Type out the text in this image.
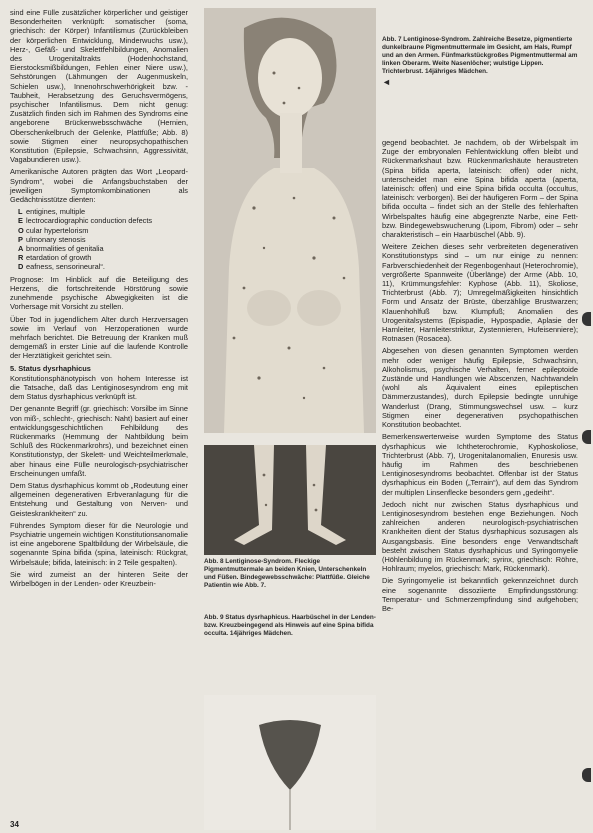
sind eine Fülle zusätzlicher körperlicher und geistiger Besonderheiten verknüpft: somatischer (soma, griechisch: der Körper) Infantilismus (Zurückbleiben der körperlichen Entwicklung, Minderwuchs usw.), Herz-, Gefäß- und Skelettfehlbildungen, Anomalien des Urogenitaltrakts (Hodenhochstand, Eierstocksmißbildungen, Fehlen einer Niere usw.), Sehstörungen (Lähmungen der Augenmuskeln, Schielen usw.), Innenohrschwerhörigkeit bzw. -Taubheit, Herabsetzung des Geruchsvermögens, psychischer Infantilismus. Dem nicht genug: Zusätzlich finden sich im Rahmen des Syndroms eine angeborene Brückenwebsschwäche (Hernien, Oberschenkelbruch der Gelenke, Plattfüße; Abb. 8) sowie Stigmen einer neuropsychopathischen Konstitution (Epilepsie, Schwachsinn, Aggressivität, Vagabundieren usw.).

Amerikanische Autoren prägten das Wort „Leopard-Syndrom“, wobei die Anfangsbuchstaben der jeweiligen Symptomkombinationen als Gedächtnisstütze dienten:

L entigines, multiple
E lectrocardiographic conduction defects
O cular hypertelorism
P ulmonary stenosis
A bnormalities of genitalia
R etardation of growth
D eafness, sensorineural“.

Prognose: Im Hinblick auf die Beteiligung des Herzens, die fortschreitende Hörstörung sowie zunehmende psychische Abwegigkeiten ist die Vorhersage mit Vorsicht zu stellen.

Über Tod in jugendlichem Alter durch Herzversagen sowie im Verlauf von Herzoperationen wurde mehrfach berichtet. Die Betreuung der Kranken muß demgemäß in erster Linie auf die laufende Kontrolle der Herztätigkeit gerichtet sein.

5. Status dysrhaphicus

Konstitutionsphänotypisch von hohem Interesse ist die Tatsache, daß das Lentiginosesyndrom eng mit dem Status dysrhaphicus verknüpft ist.

Der genannte Begriff (gr. griechisch: Vorsilbe im Sinne von miß-, schlecht-, griechisch: Naht) basiert auf einer entwicklungsgeschichtlichen Fehlbildung des Rückenmarks (Hemmung der Nahtbildung beim Schluß des Rückenmarkrohrs), und bezeichnet einen Konstitutionstyp, der Skelett- und Weichteilmerkmale, aber hinaus eine Fülle neurologisch-psychiatrischer Erscheinungen umfaßt.

Dem Status dysrhaphicus kommt ob „Rodeutung einer allgemeinen degenerativen Erbveranlagung für die Entstehung und Gestaltung von Nerven- und Geisteskrankheiten“ zu.

Führendes Symptom dieser für die Neurologie und Psychiatrie ungemein wichtigen Konstitutionsanomalie ist eine angeborene Spaltbildung der Wirbelsäule, die sogenannte Spina bifida (spina, lateinisch: Rückgrat, Wirbelsäule; bifida, lateinisch: in 2 Teile gespalten).

Sie wird zumeist an der hinteren Seite der Wirbelbögen in der Lenden- oder Kreuzbein-

Abb. 7 Lentiginose-Syndrom. Zahlreiche Besetze, pigmentierte dunkelbraune Pigmentmuttermale im Gesicht, am Hals, Rumpf und an den Armen. Fünfmarkstückgroßes Pigmentmuttermal am linken Oberarm. Weite Nasenlöcher; wulstige Lippen. Trichterbrust. 14jähriges Mädchen.
◄
Abb. 8 Lentiginose-Syndrom. Fleckige Pigmentmuttermale an beiden Knien, Unterschenkeln und Füßen. Bindegewebsschwäche: Plattfüße. Gleiche Patientin wie Abb. 7.
Abb. 9 Status dysrhaphicus. Haarbüschel in der Lenden- bzw. Kreuzbeingegend als Hinweis auf eine Spina bifida occulta. 14jähriges Mädchen.

gegend beobachtet. Je nachdem, ob der Wirbelspalt im Zuge der embryonalen Fehlentwicklung offen bleibt und Rückenmarkshaut bzw. Rückenmarkshäute heraustreten (Spina bifida aperta, lateinisch: offen) oder nicht, unterscheidet man eine Spina bifida aperta (aperta, lateinisch: offen) und eine Spina bifida occulta (occultus, lateinisch: verborgen). Bei der häufigeren Form – der Spina bifida occulta – findet sich an der Stelle des fehlerhaften Wirbelspaltes häufig eine abgegrenzte Narbe, eine Fett- bzw. Bindegewebswucherung (Lipom, Fibrom) oder – sehr charakteristisch – ein Haarbüschel (Abb. 9).

Weitere Zeichen dieses sehr verbreiteten degenerativen Konstitutionstyps sind – um nur einige zu nennen: Farbverschiedenheit der Regenbogenhaut (Heterochromie), vergrößerte Spannweite (Überlänge) der Arme (Abb. 10, 11), Krümmungsfehler: Kyphose (Abb. 11), Skoliose, Trichterbrust (Abb. 7); Umregelmäßigkeiten hinsichtlich Form und Ansatz der Brüste, überzählige Brustwarzen; Klauenhohlfuß bzw. Klumpfuß; Anomalien des Urogenitalsystems (Epispadie, Hypospadie, Aplasie der Harnleiter, Harnleiterstriktur, Zystennieren, Hufeisenniere); Rotnasen (Rosacea).

Abgesehen von diesen genannten Symptomen werden mehr oder weniger häufig Epilepsie, Schwachsinn, Alkoholismus, psychische Verhalten, ferner epileptoide Zustände und Handlungen wie Abscenzen, Nachtwandeln (wohl als Äquivalent eines epileptischen Dämmerzustandes), durch Epilepsie bedingte unruhige Wanderlust (Drang, Stimmungswechsel usw. – kurz Stigmen einer degenerativen psychopathischen Konstitution beobachtet.

Bemerkenswerterweise wurden Symptome des Status dysrhaphicus wie Ichtheterochromie, Kyphoskoliose, Trichterbrust (Abb. 7), Urogenitalanomalien, Enuresis usw. häufig im Rahmen des beschriebenen Lentiginosesyndroms beobachtet. Offenbar ist der Status dysrhaphicus ein Boden („Terrain“), auf dem das Syndrom der multiplen Linsenflecke besonders gern „gedeiht“.

Jedoch nicht nur zwischen Status dysrhaphicus und Lentiginosesyndrom bestehen enge Beziehungen. Noch zahlreichen anderen neurologisch-psychiatrischen Krankheiten dient der Status dysrhaphicus sozusagen als Ausgangsbasis. Eine besonders enge Verwandtschaft besteht zwischen Status dysrhaphicus und Syringomyelie (Höhlenbildung im Rückenmark; syrinx, griechisch: Röhre, Hohlraum; myelos, griechisch: Mark, Rückenmark).

Die Syringomyelie ist bekanntlich gekennzeichnet durch eine sogenannte dissoziierte Empfindungsstörung: Temperatur- und Schmerzempfindung sind aufgehoben; Be-

34
